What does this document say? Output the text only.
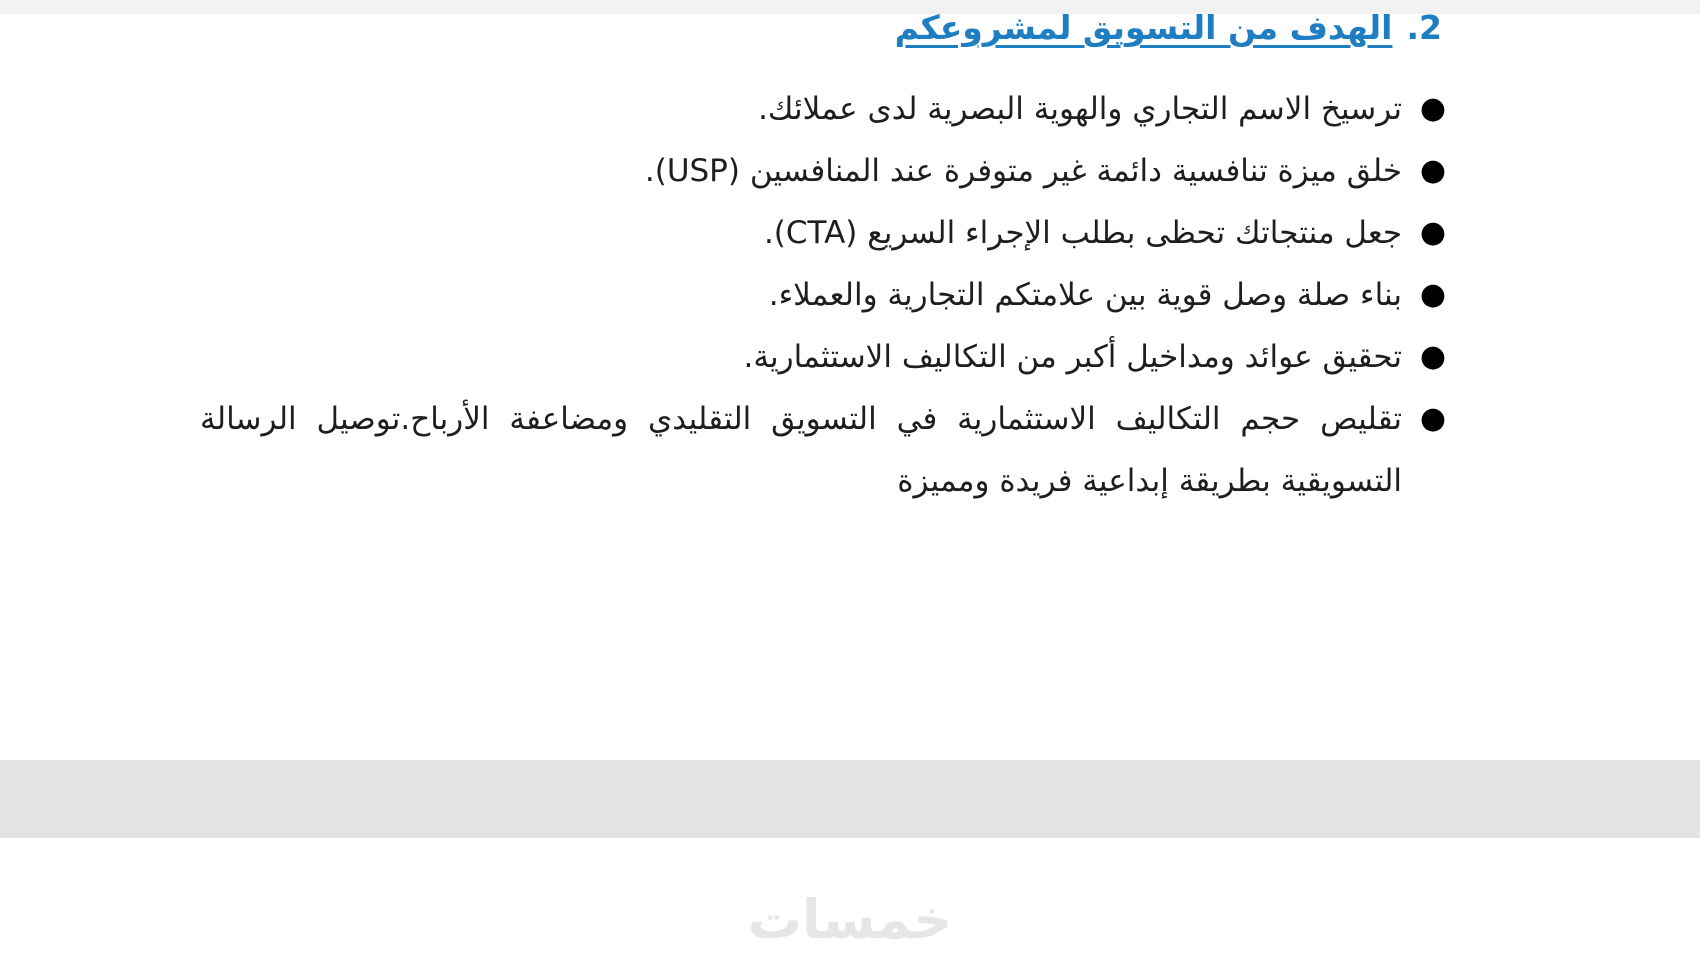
2.الهدف من التسويق لمشروعكم
●
ترسيخ الاسم التجاري والهوية البصرية لدى عملائك.
●
خلق ميزة تنافسية دائمة غير متوفرة عند المنافسين (USP).
●
جعل منتجاتك تحظى بطلب الإجراء السريع (CTA).
●
بناء صلة وصل قوية بين علامتكم التجارية والعملاء.
●
تحقيق عوائد ومداخيل أكبر من التكاليف الاستثمارية.
●
تقليص حجم التكاليف الاستثمارية في التسويق التقليدي ومضاعفة الأرباح.توصيل الرسالة التسويقية بطريقة إبداعية فريدة ومميزة
خمسات
